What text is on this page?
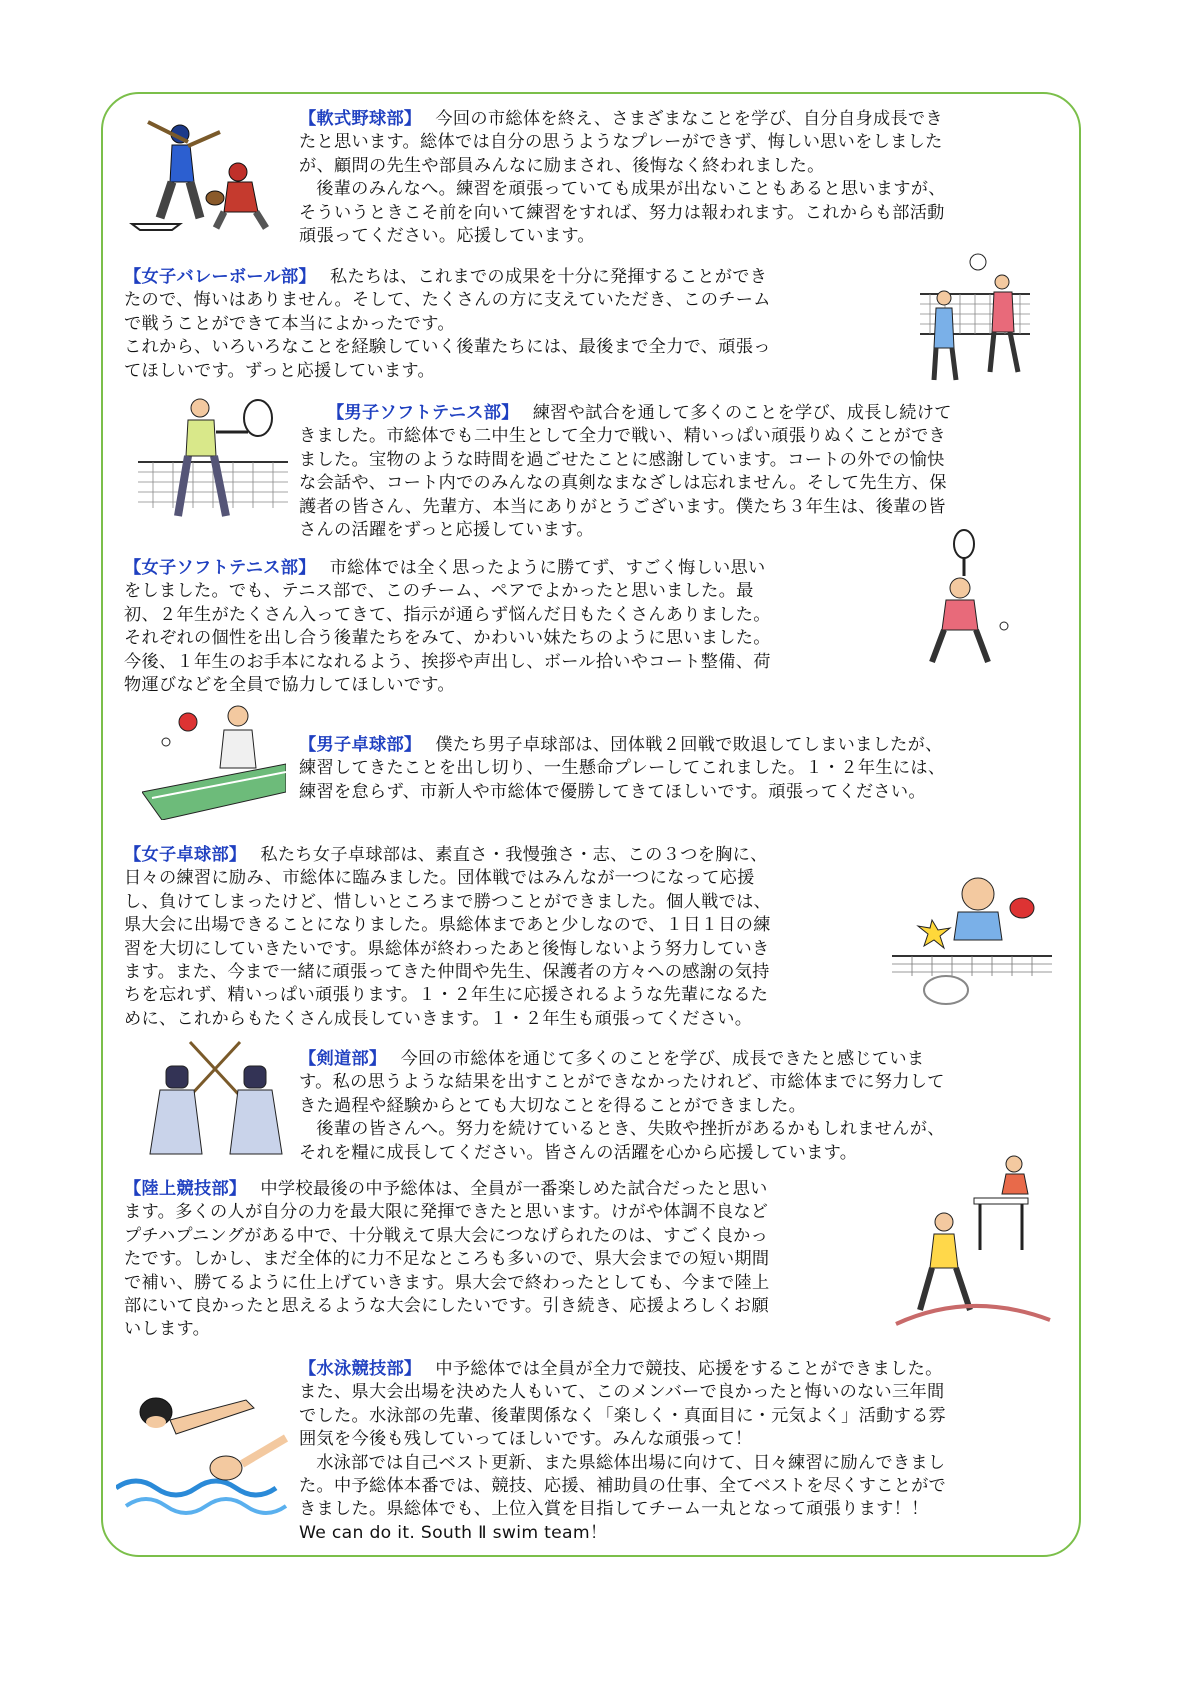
【軟式野球部】 今回の市総体を終え、さまざまなことを学び、自分自身成長でき

たと思います。総体では自分の思うようなプレーができず、悔しい思いをしました

が、顧問の先生や部員みんなに励まされ、後悔なく終われました。

後輩のみんなへ。練習を頑張っていても成果が出ないこともあると思いますが、

そういうときこそ前を向いて練習をすれば、努力は報われます。これからも部活動

頑張ってください。応援しています。

【女子バレーボール部】 私たちは、これまでの成果を十分に発揮することができ

たので、悔いはありません。そして、たくさんの方に支えていただき、このチーム

で戦うことができて本当によかったです。

これから、いろいろなことを経験していく後輩たちには、最後まで全力で、頑張っ

てほしいです。ずっと応援しています。

【男子ソフトテニス部】 練習や試合を通して多くのことを学び、成長し続けて

きました。市総体でも二中生として全力で戦い、精いっぱい頑張りぬくことができ

ました。宝物のような時間を過ごせたことに感謝しています。コートの外での愉快

な会話や、コート内でのみんなの真剣なまなざしは忘れません。そして先生方、保

護者の皆さん、先輩方、本当にありがとうございます。僕たち３年生は、後輩の皆

さんの活躍をずっと応援しています。

【女子ソフトテニス部】 市総体では全く思ったように勝てず、すごく悔しい思い

をしました。でも、テニス部で、このチーム、ペアでよかったと思いました。最

初、２年生がたくさん入ってきて、指示が通らず悩んだ日もたくさんありました。

それぞれの個性を出し合う後輩たちをみて、かわいい妹たちのように思いました。

今後、１年生のお手本になれるよう、挨拶や声出し、ボール拾いやコート整備、荷

物運びなどを全員で協力してほしいです。

【男子卓球部】 僕たち男子卓球部は、団体戦２回戦で敗退してしまいましたが、

練習してきたことを出し切り、一生懸命プレーしてこれました。１・２年生には、

練習を怠らず、市新人や市総体で優勝してきてほしいです。頑張ってください。

【女子卓球部】 私たち女子卓球部は、素直さ・我慢強さ・志、この３つを胸に、

日々の練習に励み、市総体に臨みました。団体戦ではみんなが一つになって応援

し、負けてしまったけど、惜しいところまで勝つことができました。個人戦では、

県大会に出場できることになりました。県総体まであと少しなので、１日１日の練

習を大切にしていきたいです。県総体が終わったあと後悔しないよう努力していき

ます。また、今まで一緒に頑張ってきた仲間や先生、保護者の方々への感謝の気持

ちを忘れず、精いっぱい頑張ります。１・２年生に応援されるような先輩になるた

めに、これからもたくさん成長していきます。１・２年生も頑張ってください。

【剣道部】 今回の市総体を通じて多くのことを学び、成長できたと感じていま

す。私の思うような結果を出すことができなかったけれど、市総体までに努力して

きた過程や経験からとても大切なことを得ることができました。

後輩の皆さんへ。努力を続けているとき、失敗や挫折があるかもしれませんが、

それを糧に成長してください。皆さんの活躍を心から応援しています。

【陸上競技部】 中学校最後の中予総体は、全員が一番楽しめた試合だったと思い

ます。多くの人が自分の力を最大限に発揮できたと思います。けがや体調不良など

プチハプニングがある中で、十分戦えて県大会につなげられたのは、すごく良かっ

たです。しかし、まだ全体的に力不足なところも多いので、県大会までの短い期間

で補い、勝てるように仕上げていきます。県大会で終わったとしても、今まで陸上

部にいて良かったと思えるような大会にしたいです。引き続き、応援よろしくお願

いします。

【水泳競技部】 中予総体では全員が全力で競技、応援をすることができました。

また、県大会出場を決めた人もいて、このメンバーで良かったと悔いのない三年間

でした。水泳部の先輩、後輩関係なく「楽しく・真面目に・元気よく」活動する雰

囲気を今後も残していってほしいです。みんな頑張って！

水泳部では自己ベスト更新、また県総体出場に向けて、日々練習に励んできまし

た。中予総体本番では、競技、応援、補助員の仕事、全てベストを尽くすことがで

きました。県総体でも、上位入賞を目指してチーム一丸となって頑張ります！！

We can do it. South Ⅱ swim team！
